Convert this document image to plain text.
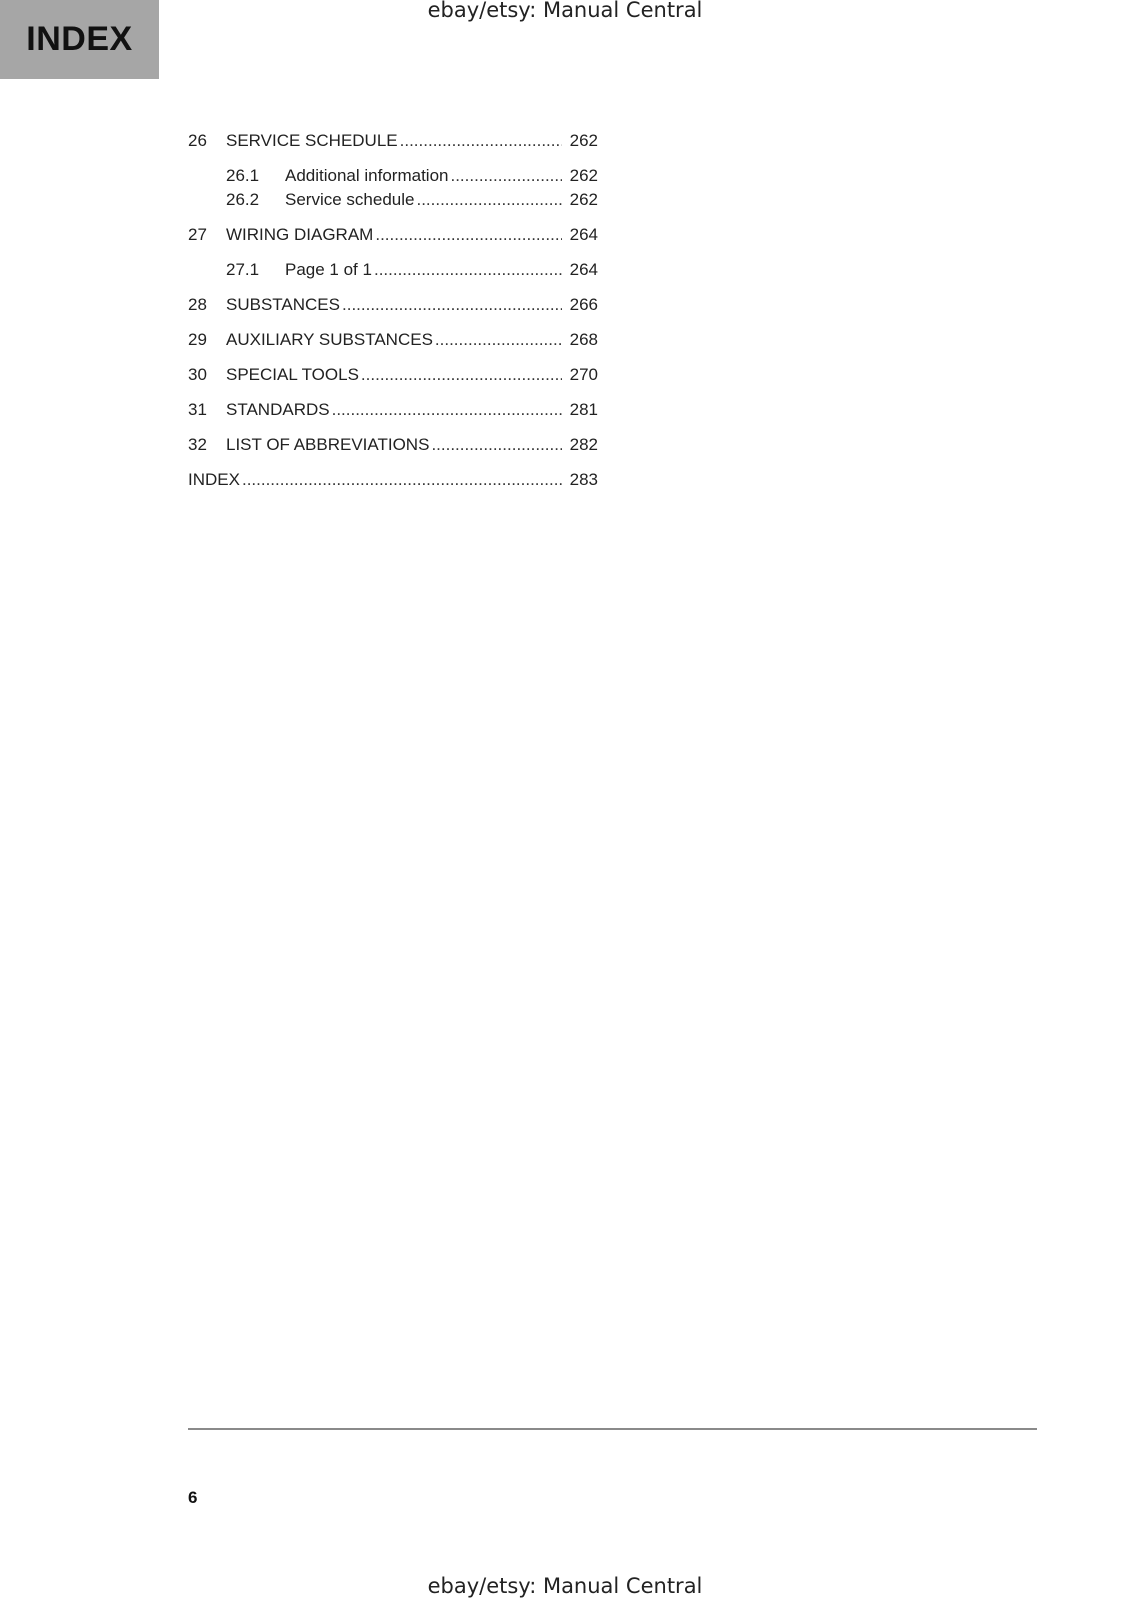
INDEX
ebay/etsy: Manual Central
26	SERVICE SCHEDULE .....	262
26.1	Additional information .....	262
26.2	Service schedule .....	262
27	WIRING DIAGRAM .....	264
27.1	Page 1 of 1 .....	264
28	SUBSTANCES .....	266
29	AUXILIARY SUBSTANCES .....	268
30	SPECIAL TOOLS .....	270
31	STANDARDS .....	281
32	LIST OF ABBREVIATIONS .....	282
INDEX .....	283
6
ebay/etsy: Manual Central
